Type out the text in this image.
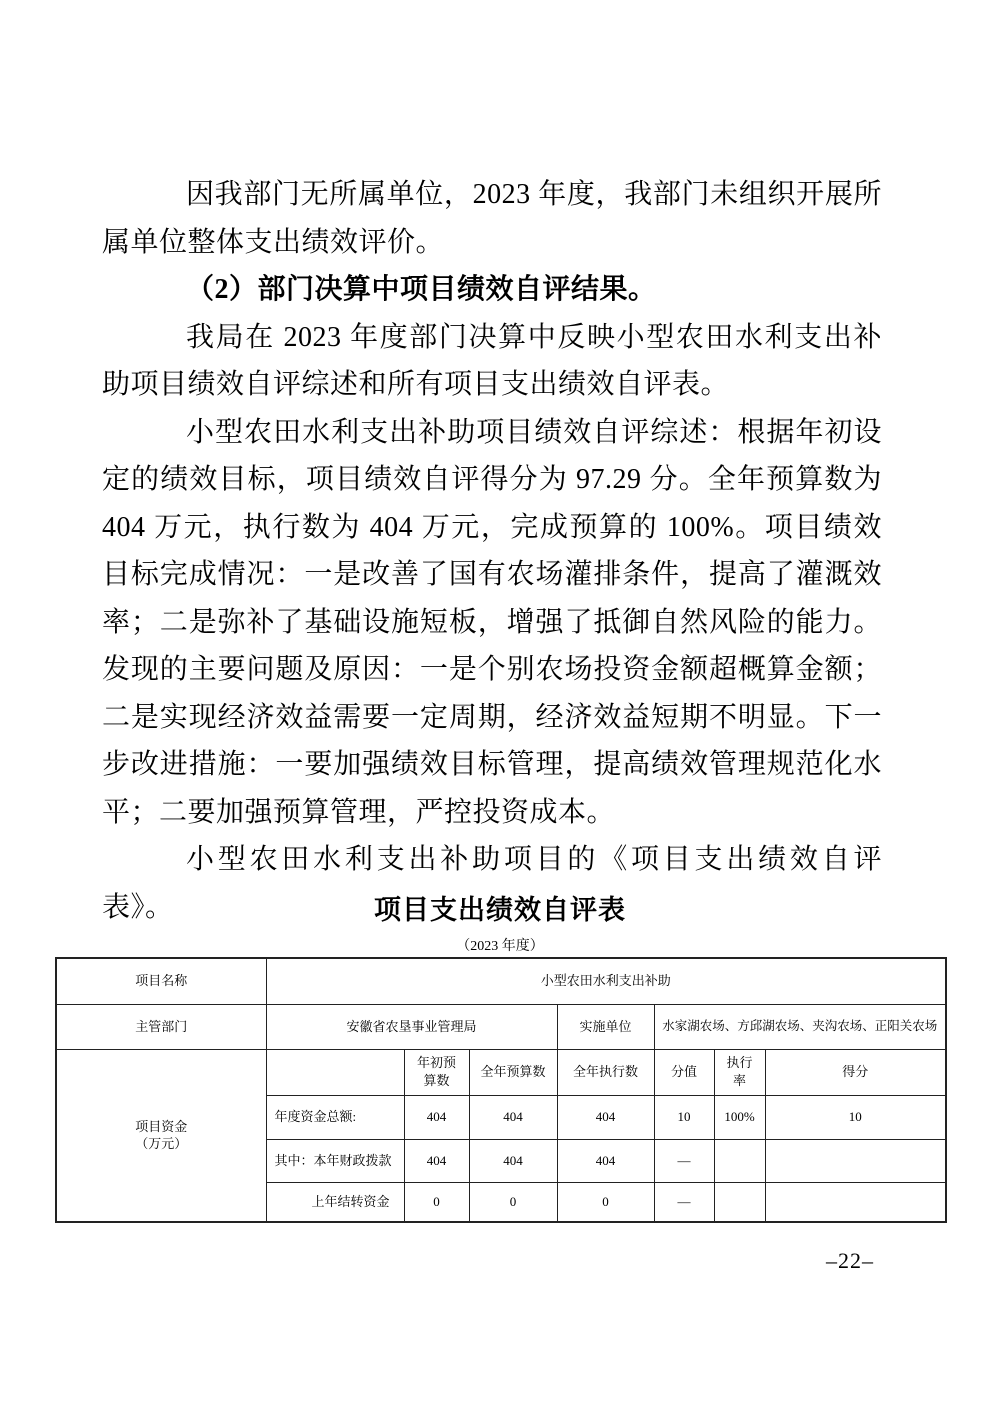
因我部门无所属单位，2023 年度，我部门未组织开展所属单位整体支出绩效评价。

（2）部门决算中项目绩效自评结果。

我局在 2023 年度部门决算中反映小型农田水利支出补助项目绩效自评综述和所有项目支出绩效自评表。

小型农田水利支出补助项目绩效自评综述：根据年初设定的绩效目标，项目绩效自评得分为 97.29 分。全年预算数为 404 万元，执行数为 404 万元，完成预算的 100%。项目绩效目标完成情况：一是改善了国有农场灌排条件，提高了灌溉效率；二是弥补了基础设施短板，增强了抵御自然风险的能力。发现的主要问题及原因：一是个别农场投资金额超概算金额；二是实现经济效益需要一定周期，经济效益短期不明显。下一步改进措施：一要加强绩效目标管理，提高绩效管理规范化水平；二要加强预算管理，严控投资成本。

小型农田水利支出补助项目的《项目支出绩效自评表》。	项目支出绩效自评表
（2023 年度）
项目名称	小型农田水利支出补助						
主管部门	安徽省农垦事业管理局			实施单位	水家湖农场、方邱湖农场、夹沟农场、正阳关农场		

项目资金
（万元）		年初预算数	全年预算数	全年执行数	分值	执行率	得分
	年度资金总额:	404	404	404	10	100%	10
	其中：本年财政拨款	404	404	404	—		
	上年结转资金	0	0	0	—		
–22–
